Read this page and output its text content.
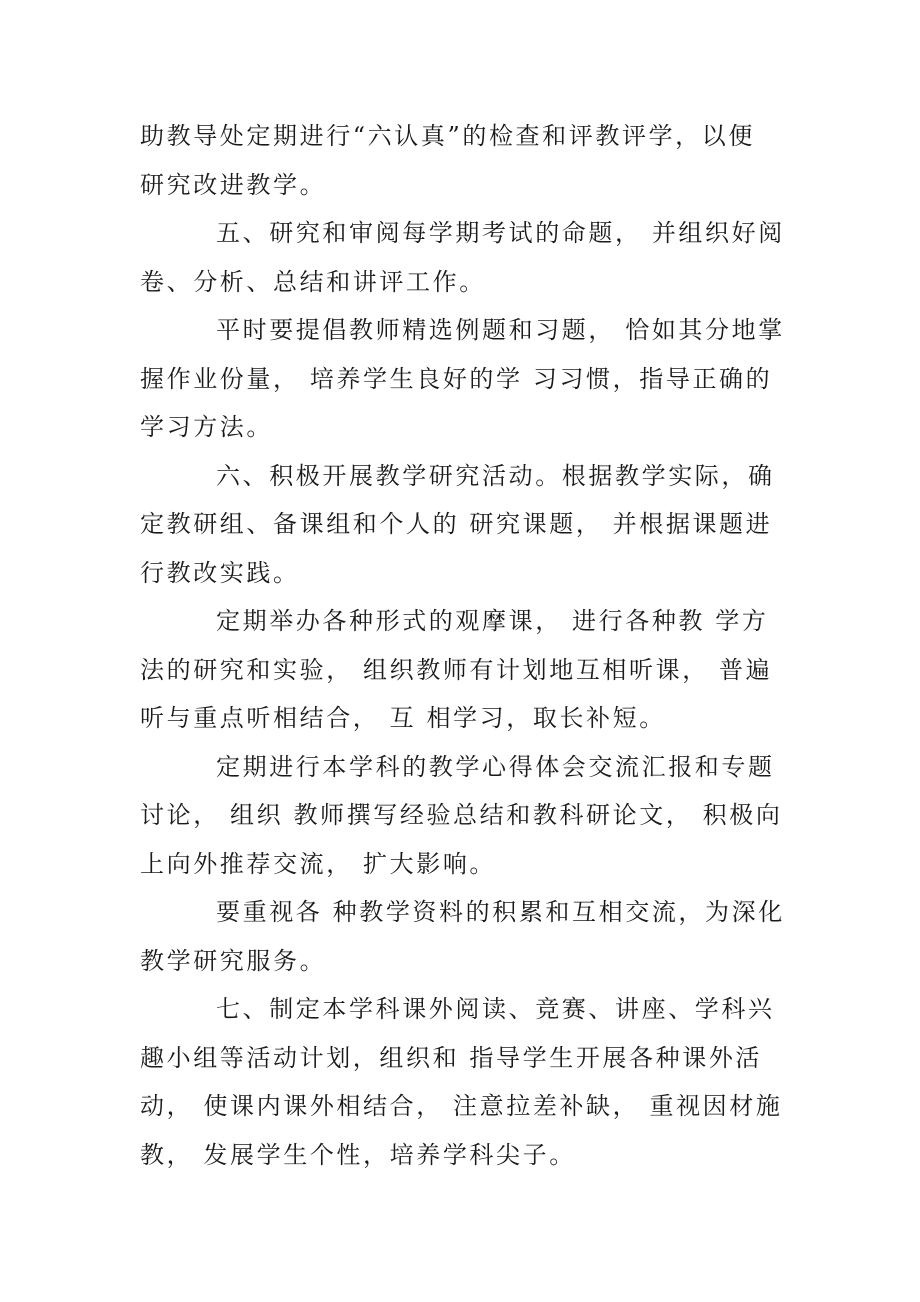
助教导处定期进行“六认真”的检查和评教评学，以便 研究改进教学。

五、研究和审阅每学期考试的命题， 并组织好阅卷、分析、总结和讲评工作。

平时要提倡教师精选例题和习题， 恰如其分地掌握作业份量， 培养学生良好的学 习习惯，指导正确的学习方法。

六、积极开展教学研究活动。根据教学实际，确定教研组、备课组和个人的 研究课题， 并根据课题进行教改实践。

定期举办各种形式的观摩课， 进行各种教 学方法的研究和实验， 组织教师有计划地互相听课， 普遍听与重点听相结合， 互 相学习，取长补短。

定期进行本学科的教学心得体会交流汇报和专题讨论， 组织 教师撰写经验总结和教科研论文， 积极向上向外推荐交流， 扩大影响。

要重视各 种教学资料的积累和互相交流，为深化教学研究服务。

七、制定本学科课外阅读、竞赛、讲座、学科兴趣小组等活动计划，组织和 指导学生开展各种课外活动， 使课内课外相结合， 注意拉差补缺， 重视因材施教， 发展学生个性，培养学科尖子。
